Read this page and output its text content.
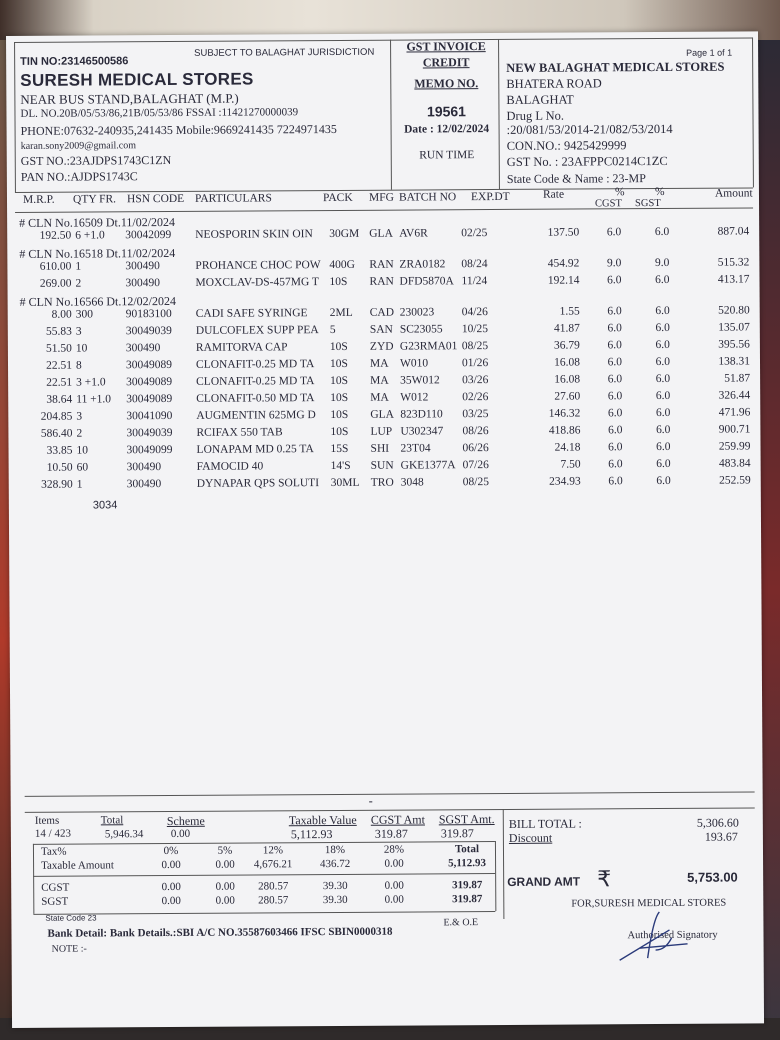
TIN NO:23146500586
SUBJECT TO BALAGHAT JURISDICTION
SURESH MEDICAL STORES
NEAR BUS STAND,BALAGHAT (M.P.)
DL. NO.20B/05/53/86,21B/05/53/86 FSSAI :11421270000039
PHONE:07632-240935,241435 Mobile:9669241435 7224971435
karan.sony2009@gmail.com
GST NO.:23AJDPS1743C1ZN
PAN NO.:AJDPS1743C
GST INVOICE
CREDIT
MEMO NO.
19561
Date : 12/02/2024
RUN TIME
Page 1 of 1
NEW BALAGHAT MEDICAL STORES
BHATERA ROAD
BALAGHAT
Drug L No.
:20/081/53/2014-21/082/53/2014
CON.NO.: 9425429999
GST No. : 23AFPPC0214C1ZC
State Code & Name : 23-MP
M.R.P. QTY FR. HSN CODE PARTICULARS	PACK MFG BATCH NO EXP.DT	Rate	%	%
CGST SGST
Amount
# CLN No.16509 Dt.11/02/2024
192.50 6 +1.0	30042099	NEOSPORIN SKIN OIN	30GM GLA AV6R	02/25	137.50	6.0	6.0	887.04
# CLN No.16518 Dt.11/02/2024
610.00 1	300490	PROHANCE CHOC POW 400G	RAN ZRA0182	08/24	454.92	9.0	9.0	515.32
269.00 2	300490	MOXCLAV-DS-457MG T 10S	RAN DFD5870A 11/24	192.14	6.0	6.0	413.17
# CLN No.16566 Dt.12/02/2024
8.00 300	90183100	CADI SAFE SYRINGE	2ML	CAD 230023	04/26	1.55	6.0	6.0	520.80
55.83 3	30049039	DULCOFLEX SUPP PEA 5	SAN SC23055	10/25	41.87	6.0	6.0	135.07
51.50 10	300490	RAMITORVA CAP	10S	ZYD G23RMA01 08/25	36.79	6.0	6.0	395.56
22.51 8	30049089	CLONAFIT-0.25 MD TA	10S	MA W010	01/26	16.08	6.0	6.0	138.31
22.51 3 +1.0	30049089	CLONAFIT-0.25 MD TA	10S	MA 35W012	03/26	16.08	6.0	6.0	51.87
38.64 11 +1.0	30049089	CLONAFIT-0.50 MD TA	10S	MA W012	02/26	27.60	6.0	6.0	326.44
204.85 3	30041090	AUGMENTIN 625MG D	10S	GLA 823D110	03/25	146.32	6.0	6.0	471.96
586.40 2	30049039	RCIFAX 550 TAB	10S	LUP U302347	08/26	418.86	6.0	6.0	900.71
33.85 10	30049099	LONAPAM MD 0.25 TA	15S	SHI 23T04	06/26	24.18	6.0	6.0	259.99
10.50 60	300490	FAMOCID 40	14'S	SUN GKE1377A 07/26	7.50	6.0	6.0	483.84
328.90 1	300490	DYNAPAR QPS SOLUTI	30ML TRO 3048	08/25	234.93	6.0	6.0	252.59
3034
-
Items
14 / 423
Total
5,946.34
Scheme
0.00
Taxable Value
5,112.93
CGST Amt
319.87
SGST Amt.
319.87
Tax%	0%	5%	12%	18%	28%	Total
Taxable Amount	0.00	0.00	4,676.21	436.72	0.00	5,112.93
CGST	0.00	0.00	280.57	39.30	0.00	319.87
SGST	0.00	0.00	280.57	39.30	0.00	319.87
State Code 23	E.& O.E
Bank Detail: Bank Details.:SBI A/C NO.35587603466 IFSC SBIN0000318
NOTE :-
BILL TOTAL :	5,306.60
Discount	193.67
GRAND AMT ₹	5,753.00
FOR,SURESH MEDICAL STORES
Authorised Signatory
